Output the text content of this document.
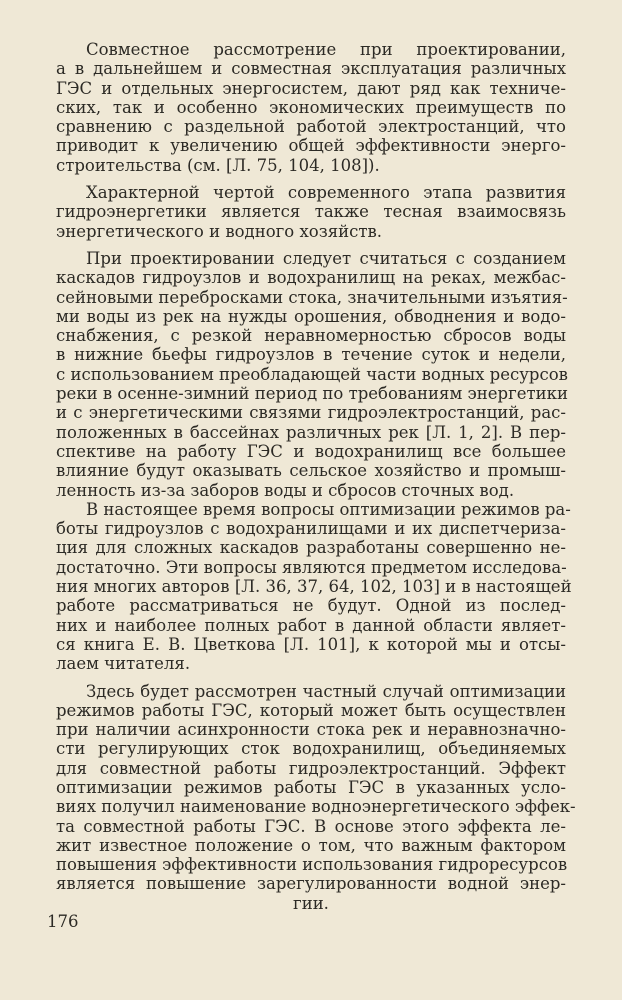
Совместное рассмотрение при проектировании,
а в дальнейшем и совместная эксплуатация различных
ГЭС и отдельных энергосистем, дают ряд как техниче-
ских, так и особенно экономических преимуществ по
сравнению с раздельной работой электростанций, что
приводит к увеличению общей эффективности энерго-
строительства (см. [Л. 75, 104, 108]).
Характерной чертой современного этапа развития
гидроэнергетики является также тесная взаимосвязь
энергетического и водного хозяйств.
При проектировании следует считаться с созданием
каскадов гидроузлов и водохранилищ на реках, межбас-
сейновыми перебросками стока, значительными изъятия-
ми воды из рек на нужды орошения, обводнения и водо-
снабжения, с резкой неравномерностью сбросов воды
в нижние бьефы гидроузлов в течение суток и недели,
с использованием преобладающей части водных ресурсов
реки в осенне-зимний период по требованиям энергетики
и с энергетическими связями гидроэлектростанций, рас-
положенных в бассейнах различных рек [Л. 1, 2]. В пер-
спективе на работу ГЭС и водохранилищ все большее
влияние будут оказывать сельское хозяйство и промыш-
ленность из-за заборов воды и сбросов сточных вод.
В настоящее время вопросы оптимизации режимов ра-
боты гидроузлов с водохранилищами и их диспетчериза-
ция для сложных каскадов разработаны совершенно не-
достаточно. Эти вопросы являются предметом исследова-
ния многих авторов [Л. 36, 37, 64, 102, 103] и в настоящей
работе рассматриваться не будут. Одной из послед-
них и наиболее полных работ в данной области являет-
ся книга Е. В. Цветкова [Л. 101], к которой мы и отсы-
лаем читателя.
Здесь будет рассмотрен частный случай оптимизации
режимов работы ГЭС, который может быть осуществлен
при наличии асинхронности стока рек и неравнозначно-
сти регулирующих сток водохранилищ, объединяемых
для совместной работы гидроэлектростанций. Эффект
оптимизации режимов работы ГЭС в указанных усло-
виях получил наименование водноэнергетического эффек-
та совместной работы ГЭС. В основе этого эффекта ле-
жит известное положение о том, что важным фактором
повышения эффективности использования гидроресурсов
является повышение зарегулированности водной энер-
гии.
176
